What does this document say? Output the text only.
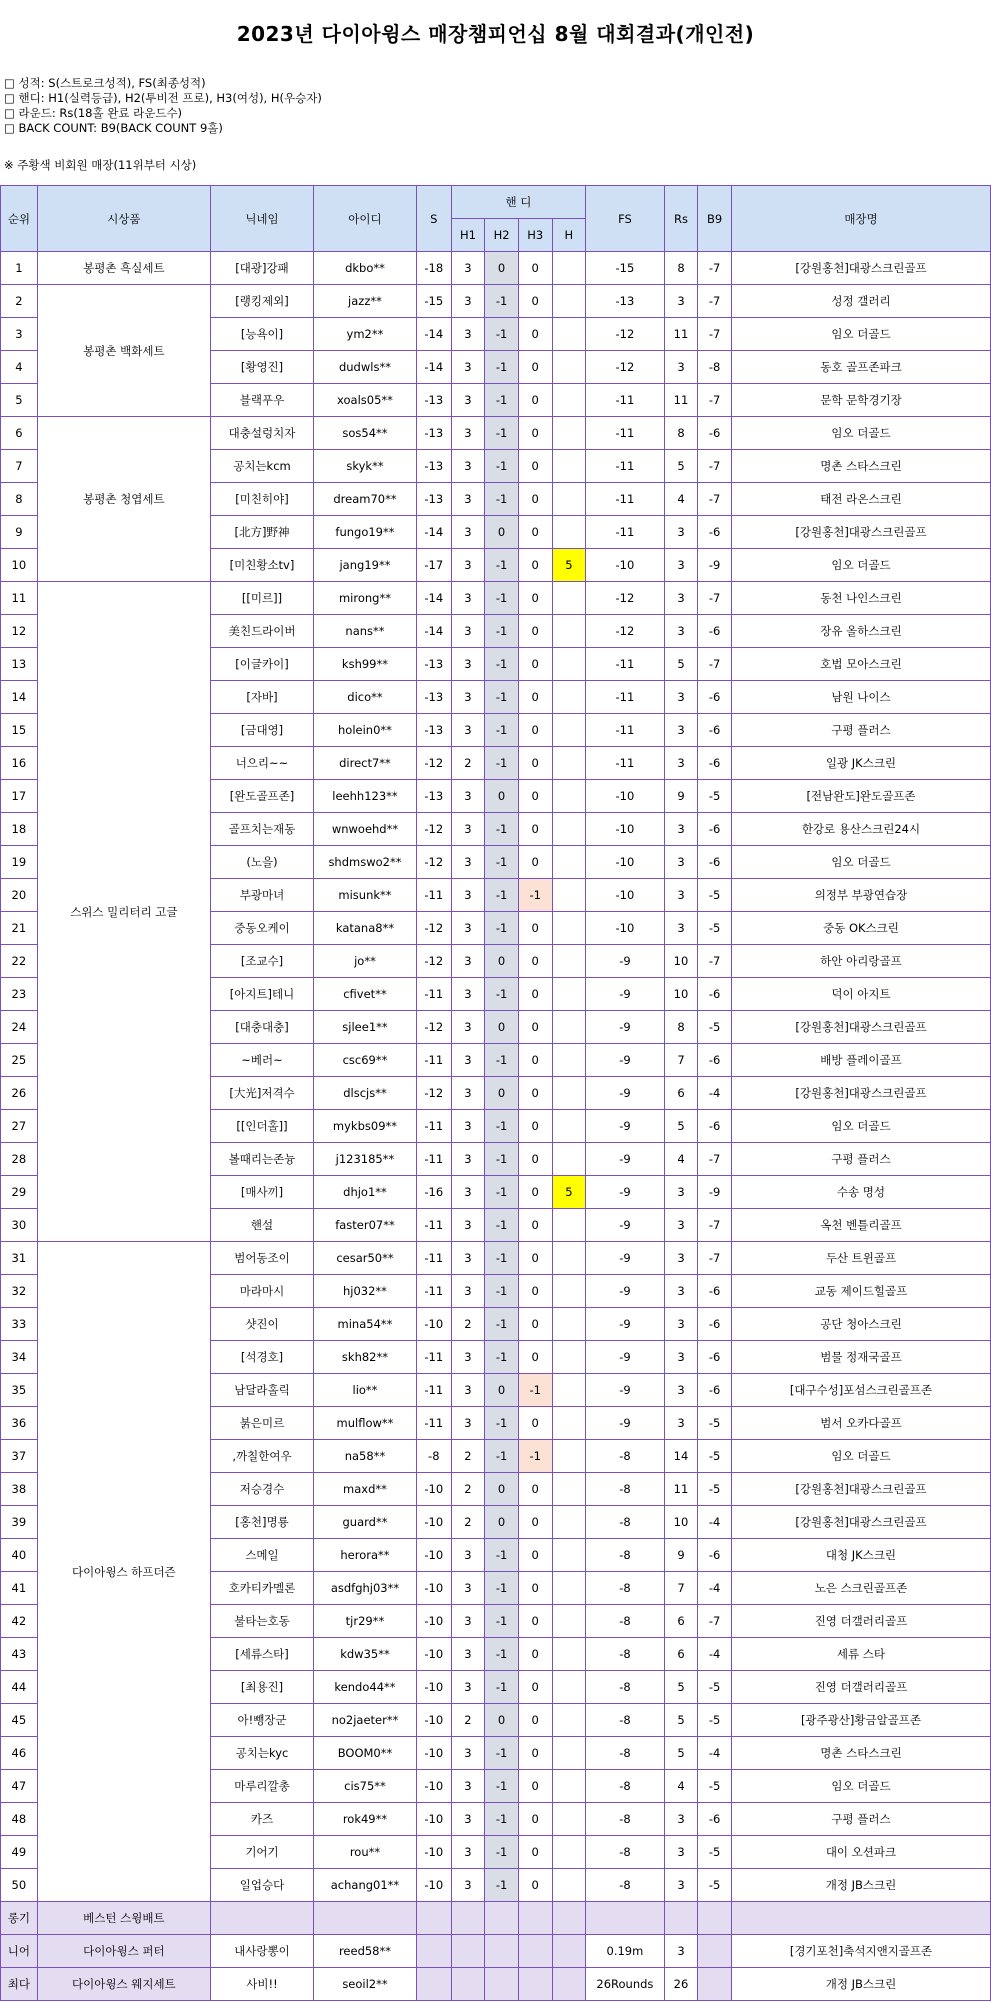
2023년 다이아윙스 매장챔피언십 8월 대회결과(개인전)
□ 성적: S(스트로크성적), FS(최종성적)
□ 핸디: H1(실력등급), H2(투비전 프로), H3(여성), H(우승자)
□ 라운드: Rs(18홀 완료 라운드수)
□ BACK COUNT: B9(BACK COUNT 9홀)
※ 주황색 비회원 매장(11위부터 시상)
순위	시상품	닉네임	아이디	S	핸 디				FS	Rs	B9	매장명
					H1	H2	H3	H				
1	봉평촌 흑실세트	[대광]강패	dkbo**	-18	3	0	0		-15	8	-7	[강원홍천]대광스크린골프
2	봉평촌 백화세트	[랭킹제외]	jazz**	-15	3	-1	0		-13	3	-7	성정 갤러리
3		[능욕이]	ym2**	-14	3	-1	0		-12	11	-7	임오 더골드
4		[황영진]	dudwls**	-14	3	-1	0		-12	3	-8	동호 골프존파크
5		블랙푸우	xoals05**	-13	3	-1	0		-11	11	-7	문학 문학경기장
6	봉평촌 청엽세트	대충설렁치자	sos54**	-13	3	-1	0		-11	8	-6	임오 더골드
7		공치는kcm	skyk**	-13	3	-1	0		-11	5	-7	명촌 스타스크린
8		[미친히야]	dream70**	-13	3	-1	0		-11	4	-7	태전 라온스크린
9		[北方]野神	fungo19**	-14	3	0	0		-11	3	-6	[강원홍천]대광스크린골프
10		[미친황소tv]	jang19**	-17	3	-1	0	5	-10	3	-9	임오 더골드
11	스위스 밀리터리 고글	[[미르]]	mirong**	-14	3	-1	0		-12	3	-7	동천 나인스크린
12		美친드라이버	nans**	-14	3	-1	0		-12	3	-6	장유 올하스크린
13		[이글카이]	ksh99**	-13	3	-1	0		-11	5	-7	호법 모아스크린
14		[자바]	dico**	-13	3	-1	0		-11	3	-6	남원 나이스
15		[금대영]	holein0**	-13	3	-1	0		-11	3	-6	구평 플러스
16		너으리~~	direct7**	-12	2	-1	0		-11	3	-6	일광 JK스크린
17		[완도골프존]	leehh123**	-13	3	0	0		-10	9	-5	[전남완도]완도골프존
18		골프치는재동	wnwoehd**	-12	3	-1	0		-10	3	-6	한강로 용산스크린24시
19		(노을)	shdmswo2**	-12	3	-1	0		-10	3	-6	임오 더골드
20		부광마녀	misunk**	-11	3	-1	-1		-10	3	-5	의정부 부광연습장
21		중동오케이	katana8**	-12	3	-1	0		-10	3	-5	중동 OK스크린
22		[조교수]	jo**	-12	3	0	0		-9	10	-7	하안 아리랑골프
23		[아지트]테니	cfivet**	-11	3	-1	0		-9	10	-6	덕이 아지트
24		[대충대충]	sjlee1**	-12	3	0	0		-9	8	-5	[강원홍천]대광스크린골프
25		~베러~	csc69**	-11	3	-1	0		-9	7	-6	배방 플레이골프
26		[大光]저격수	dlscjs**	-12	3	0	0		-9	6	-4	[강원홍천]대광스크린골프
27		[[인더홀]]	mykbs09**	-11	3	-1	0		-9	5	-6	임오 더골드
28		볼때리는존늉	j123185**	-11	3	-1	0		-9	4	-7	구평 플러스
29		[매사끼]	dhjo1**	-16	3	-1	0	5	-9	3	-9	수송 명성
30		핸설	faster07**	-11	3	-1	0		-9	3	-7	옥천 벤틀리골프
31	다이아윙스 하프더즌	범어동조이	cesar50**	-11	3	-1	0		-9	3	-7	두산 트윈골프
32		마라마시	hj032**	-11	3	-1	0		-9	3	-6	교동 제이드힐골프
33		샷진이	mina54**	-10	2	-1	0		-9	3	-6	공단 청아스크린
34		[석경호]	skh82**	-11	3	-1	0		-9	3	-6	범물 정재국골프
35		남달라홀릭	lio**	-11	3	0	-1		-9	3	-6	[대구수성]포섬스크린골프존
36		붉은미르	mulflow**	-11	3	-1	0		-9	3	-5	범서 오카다골프
37		,까칠한여우	na58**	-8	2	-1	-1		-8	14	-5	임오 더골드
38		저승경수	maxd**	-10	2	0	0		-8	11	-5	[강원홍천]대광스크린골프
39		[홍천]명룡	guard**	-10	2	0	0		-8	10	-4	[강원홍천]대광스크린골프
40		스메일	herora**	-10	3	-1	0		-8	9	-6	대청 JK스크린
41		호카티카멜론	asdfghj03**	-10	3	-1	0		-8	7	-4	노은 스크린골프존
42		불타는호동	tjr29**	-10	3	-1	0		-8	6	-7	진영 더갤러리골프
43		[세류스타]	kdw35**	-10	3	-1	0		-8	6	-4	세류 스타
44		[최용진]	kendo44**	-10	3	-1	0		-8	5	-5	진영 더갤러리골프
45		아!뺑장군	no2jaeter**	-10	2	0	0		-8	5	-5	[광주광산]황금알골프존
46		공치는kyc	BOOM0**	-10	3	-1	0		-8	5	-4	명촌 스타스크린
47		마루리깔총	cis75**	-10	3	-1	0		-8	4	-5	임오 더골드
48		카즈	rok49**	-10	3	-1	0		-8	3	-6	구평 플러스
49		기어기	rou**	-10	3	-1	0		-8	3	-5	대이 오션파크
50		일업승다	achang01**	-10	3	-1	0		-8	3	-5	개정 JB스크린
롱기	베스턴 스윙배트											
니어	다이아윙스 퍼터	내사랑뽕이	reed58**						0.19m	3		[경기포천]축석지앤지골프존
최다	다이아윙스 웨지세트	사비!!	seoil2**						26Rounds	26		개정 JB스크린
